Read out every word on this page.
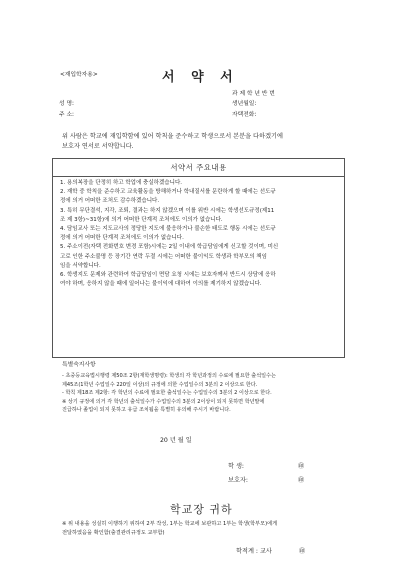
<재입학자용>	서 약 서
과 제 학 년 반 번
성 명:	생년월일:
주 소:	자택전화:

위 사람은 학교에 재입학함에 있어 학칙을 준수하고 학생으로서 본분을 다하겠기에

보호자 연서로 서약합니다.

서약서 주요내용

1. 용의복장을 단정히 하고 학업에 충실하겠습니다.

2. 재학 중 학칙을 준수하고 교육활동을 방해하거나 학내질서를 문란하게 할 때에는 선도규

정에 의거 어떠한 조처도 감수하겠습니다.

3. 특히 무단결석, 지각, 조퇴, 결과는 하지 않겠으며 이를 위반 시에는 학생선도규정(제11

조 제 3항)~31항)에 의거 어떠한 단계적 조처에도 이의가 없습니다.

4. 담임교사 또는 지도교사의 정당한 지도에 불응하거나 불손한 태도로 행동 시에는 선도규

정에 의거 어떠한 단계적 조처에도 이의가 없습니다.

5. 주소이전(자택 전화번호 변경 포함)시에는 2일 이내에 학급담임에게 신고할 것이며, 미신

고로 인한 주소불명 등 장기간 연락 두절 시에는 어떠한 불이익도 학생과 학부모의 책임

임을 서약합니다.

6. 학생지도 문제와 관련하여 학급담임이 면담 요청 시에는 보호자께서 반드시 상담에 응하

여야 하며, 응하지 않을 때에 일어나는 불이익에 대하여 이의를 제기하지 않겠습니다.

특별숙지사항

- 초중등교육법시행령 제50조 2항(재학생명령): 학생의 각 학년과정의 수료에 필요한 출석일수는

제45조(1학년 수업일수 220일 이상)의 규정에 의한 수업일수의 3분의 2 이상으로 한다.

- 학칙 제18조 제2항: 각 학년의 수료에 필요한 출석일수는 수업일수의 3분의 2 이상으로 한다.

※ 상기 규정에 의거 각 학년의 출석일수가 수업일수의 3분의 2이상이 되지 못하면 학년말에

진급하나 졸업이 되지 못하고 유급 조치됨을 특별히 유의해 주시기 바랍니다.

20 년 월 일
학 생:	㊞
보호자:	㊞
학교장 귀하

※ 위 내용을 성실히 이행하기 위하여 2부 작성, 1부는 학교에 보관하고 1부는 학생(학부모)에게

전달하였음을 확인함(출결관리규정도 교부함)

학적계 : 교사	㊞
